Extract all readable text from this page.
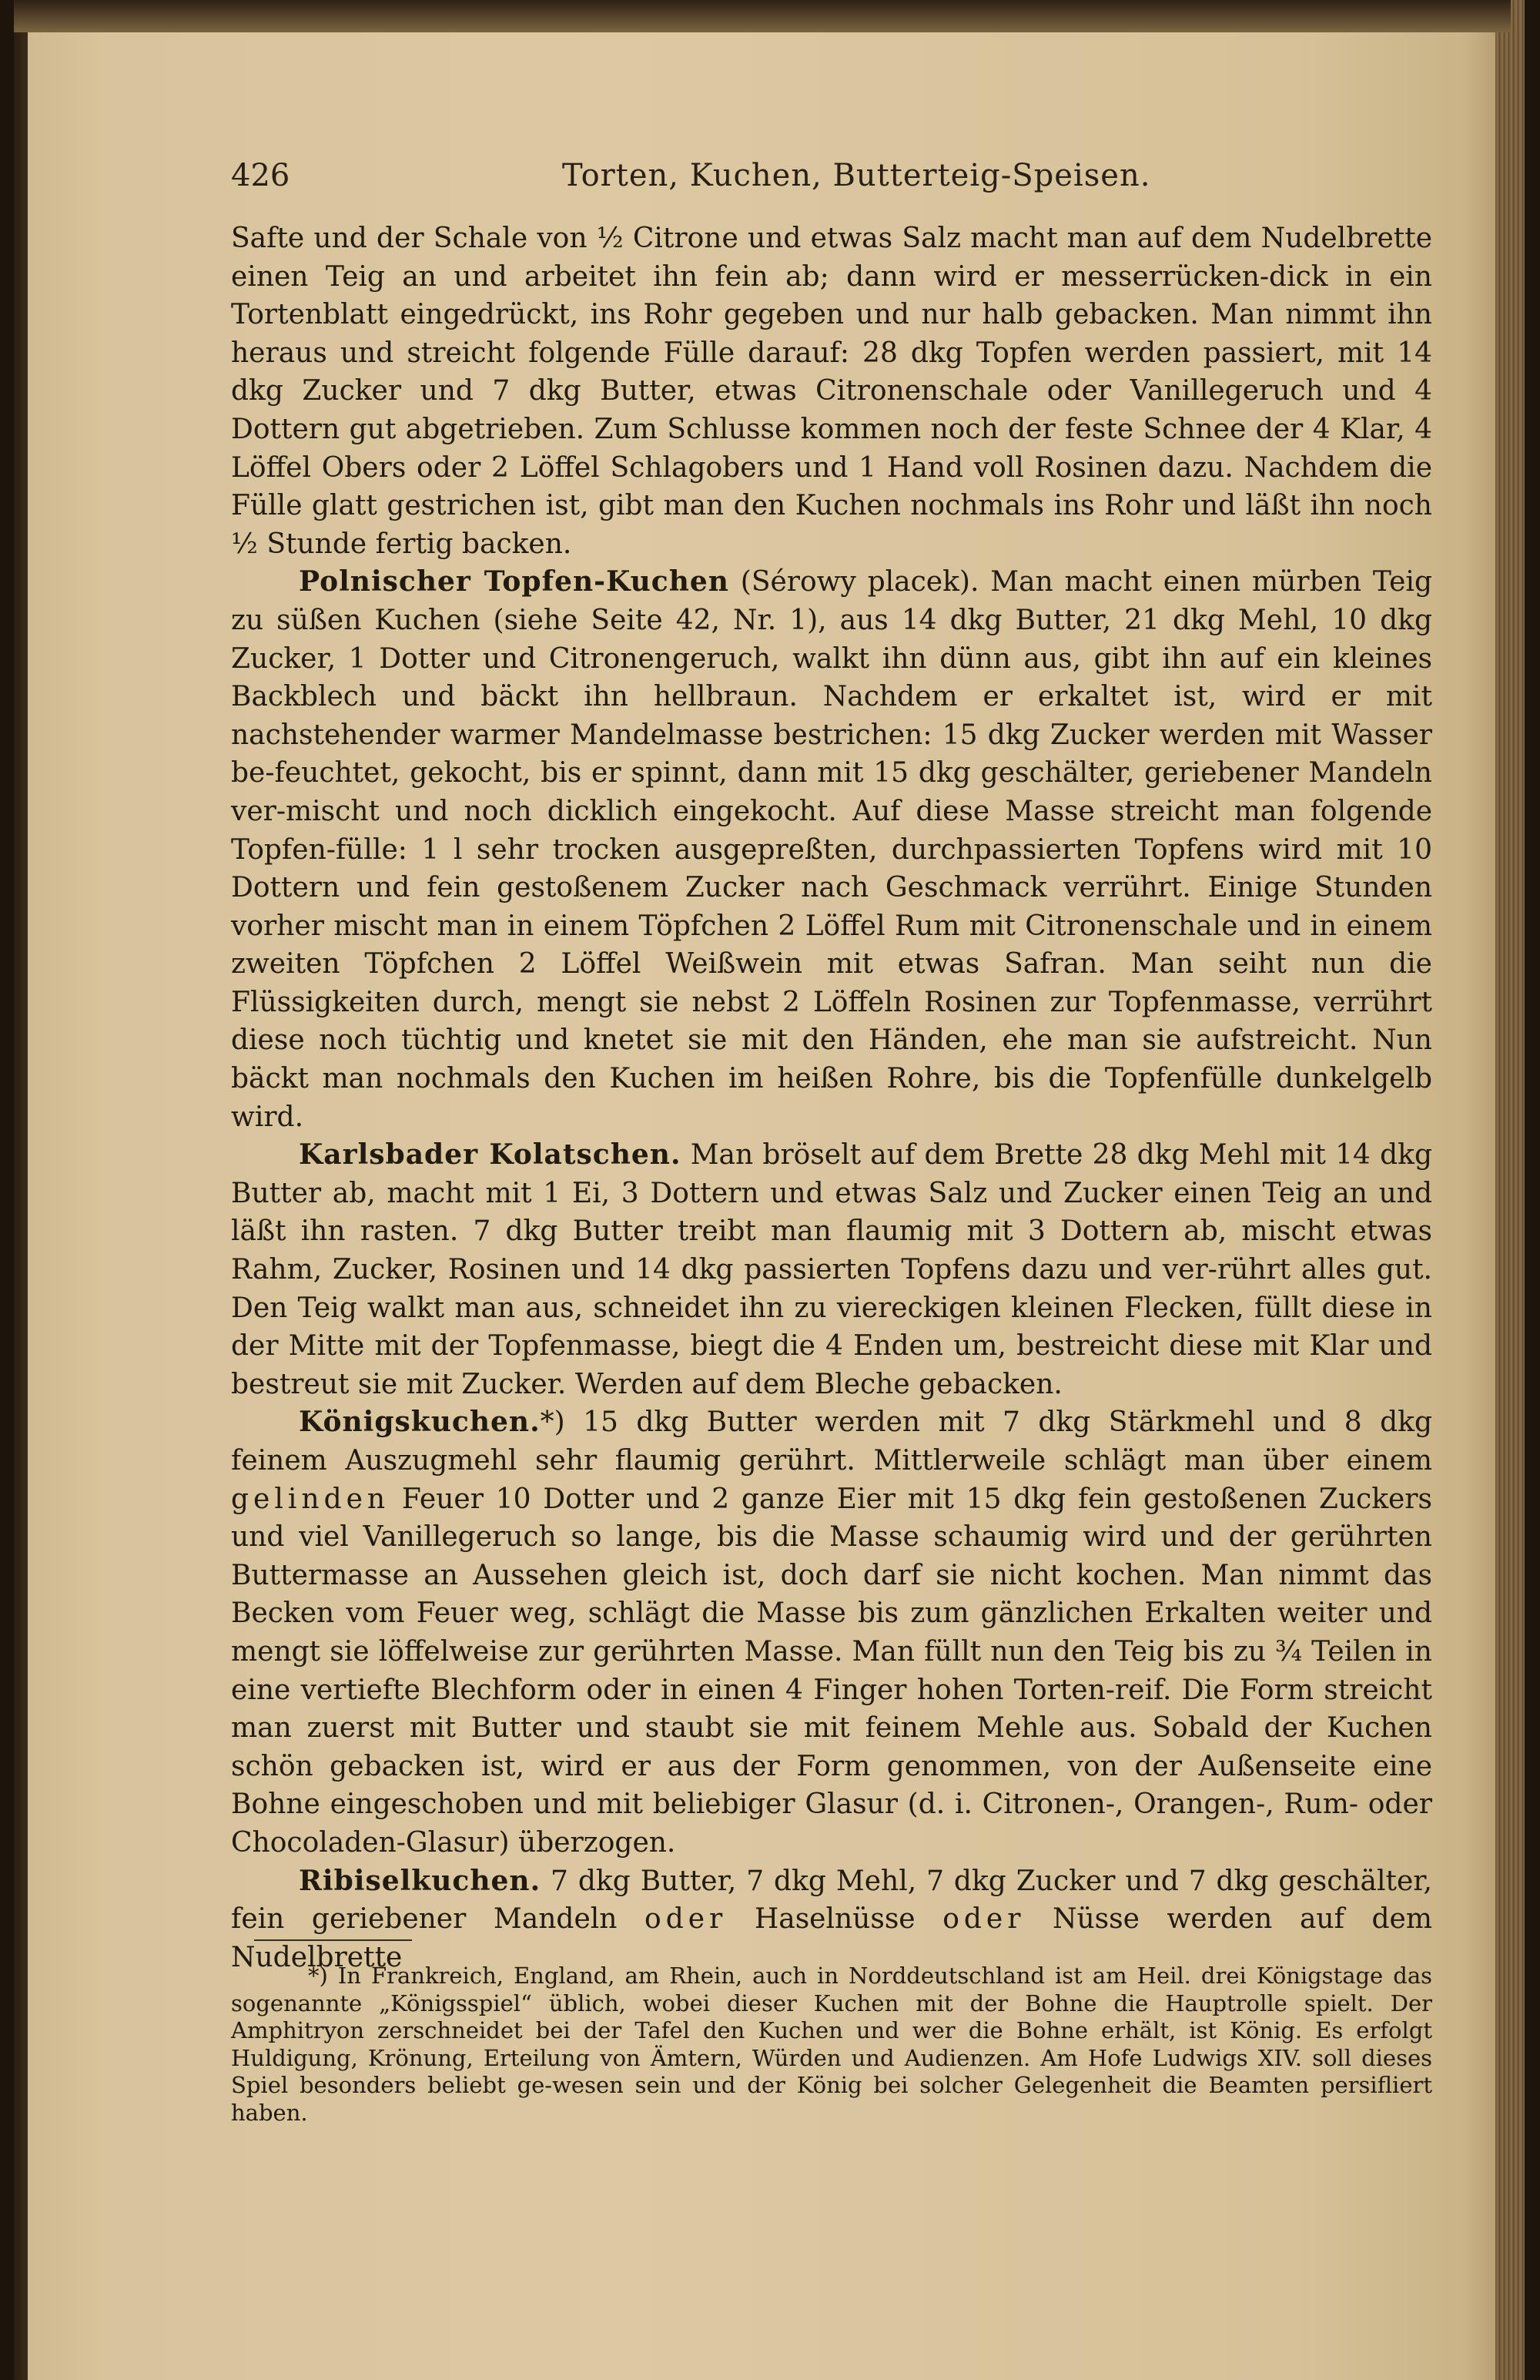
426	Torten, Kuchen, Butterteig-Speisen.

Safte und der Schale von ½ Citrone und etwas Salz macht man auf dem Nudelbrette einen Teig an und arbeitet ihn fein ab; dann wird er messerrücken-dick in ein Tortenblatt eingedrückt, ins Rohr gegeben und nur halb gebacken. Man nimmt ihn heraus und streicht folgende Fülle darauf: 28 dkg Topfen werden passiert, mit 14 dkg Zucker und 7 dkg Butter, etwas Citronenschale oder Vanillegeruch und 4 Dottern gut abgetrieben. Zum Schlusse kommen noch der feste Schnee der 4 Klar, 4 Löffel Obers oder 2 Löffel Schlagobers und 1 Hand voll Rosinen dazu. Nachdem die Fülle glatt gestrichen ist, gibt man den Kuchen nochmals ins Rohr und läßt ihn noch ½ Stunde fertig backen.

Polnischer Topfen-Kuchen (Sérowy placek). Man macht einen mürben Teig zu süßen Kuchen (siehe Seite 42, Nr. 1), aus 14 dkg Butter, 21 dkg Mehl, 10 dkg Zucker, 1 Dotter und Citronengeruch, walkt ihn dünn aus, gibt ihn auf ein kleines Backblech und bäckt ihn hellbraun. Nachdem er erkaltet ist, wird er mit nachstehender warmer Mandelmasse bestrichen: 15 dkg Zucker werden mit Wasser be-feuchtet, gekocht, bis er spinnt, dann mit 15 dkg geschälter, geriebener Mandeln ver-mischt und noch dicklich eingekocht. Auf diese Masse streicht man folgende Topfen-fülle: 1 l sehr trocken ausgepreßten, durchpassierten Topfens wird mit 10 Dottern und fein gestoßenem Zucker nach Geschmack verrührt. Einige Stunden vorher mischt man in einem Töpfchen 2 Löffel Rum mit Citronenschale und in einem zweiten Töpfchen 2 Löffel Weißwein mit etwas Safran. Man seiht nun die Flüssigkeiten durch, mengt sie nebst 2 Löffeln Rosinen zur Topfenmasse, verrührt diese noch tüchtig und knetet sie mit den Händen, ehe man sie aufstreicht. Nun bäckt man nochmals den Kuchen im heißen Rohre, bis die Topfenfülle dunkelgelb wird.

Karlsbader Kolatschen. Man bröselt auf dem Brette 28 dkg Mehl mit 14 dkg Butter ab, macht mit 1 Ei, 3 Dottern und etwas Salz und Zucker einen Teig an und läßt ihn rasten. 7 dkg Butter treibt man flaumig mit 3 Dottern ab, mischt etwas Rahm, Zucker, Rosinen und 14 dkg passierten Topfens dazu und ver-rührt alles gut. Den Teig walkt man aus, schneidet ihn zu viereckigen kleinen Flecken, füllt diese in der Mitte mit der Topfenmasse, biegt die 4 Enden um, bestreicht diese mit Klar und bestreut sie mit Zucker. Werden auf dem Bleche gebacken.

Königskuchen.*) 15 dkg Butter werden mit 7 dkg Stärkmehl und 8 dkg feinem Auszugmehl sehr flaumig gerührt. Mittlerweile schlägt man über einem gelinden Feuer 10 Dotter und 2 ganze Eier mit 15 dkg fein gestoßenen Zuckers und viel Vanillegeruch so lange, bis die Masse schaumig wird und der gerührten Buttermasse an Aussehen gleich ist, doch darf sie nicht kochen. Man nimmt das Becken vom Feuer weg, schlägt die Masse bis zum gänzlichen Erkalten weiter und mengt sie löffelweise zur gerührten Masse. Man füllt nun den Teig bis zu ¾ Teilen in eine vertiefte Blechform oder in einen 4 Finger hohen Torten-reif. Die Form streicht man zuerst mit Butter und staubt sie mit feinem Mehle aus. Sobald der Kuchen schön gebacken ist, wird er aus der Form genommen, von der Außenseite eine Bohne eingeschoben und mit beliebiger Glasur (d. i. Citronen-, Orangen-, Rum- oder Chocoladen-Glasur) überzogen.

Ribiselkuchen. 7 dkg Butter, 7 dkg Mehl, 7 dkg Zucker und 7 dkg geschälter, fein geriebener Mandeln oder Haselnüsse oder Nüsse werden auf dem Nudelbrette

*) In Frankreich, England, am Rhein, auch in Norddeutschland ist am Heil. drei Königstage das sogenannte „Königsspiel“ üblich, wobei dieser Kuchen mit der Bohne die Hauptrolle spielt. Der Amphitryon zerschneidet bei der Tafel den Kuchen und wer die Bohne erhält, ist König. Es erfolgt Huldigung, Krönung, Erteilung von Ämtern, Würden und Audienzen. Am Hofe Ludwigs XIV. soll dieses Spiel besonders beliebt ge-wesen sein und der König bei solcher Gelegenheit die Beamten persifliert haben.
